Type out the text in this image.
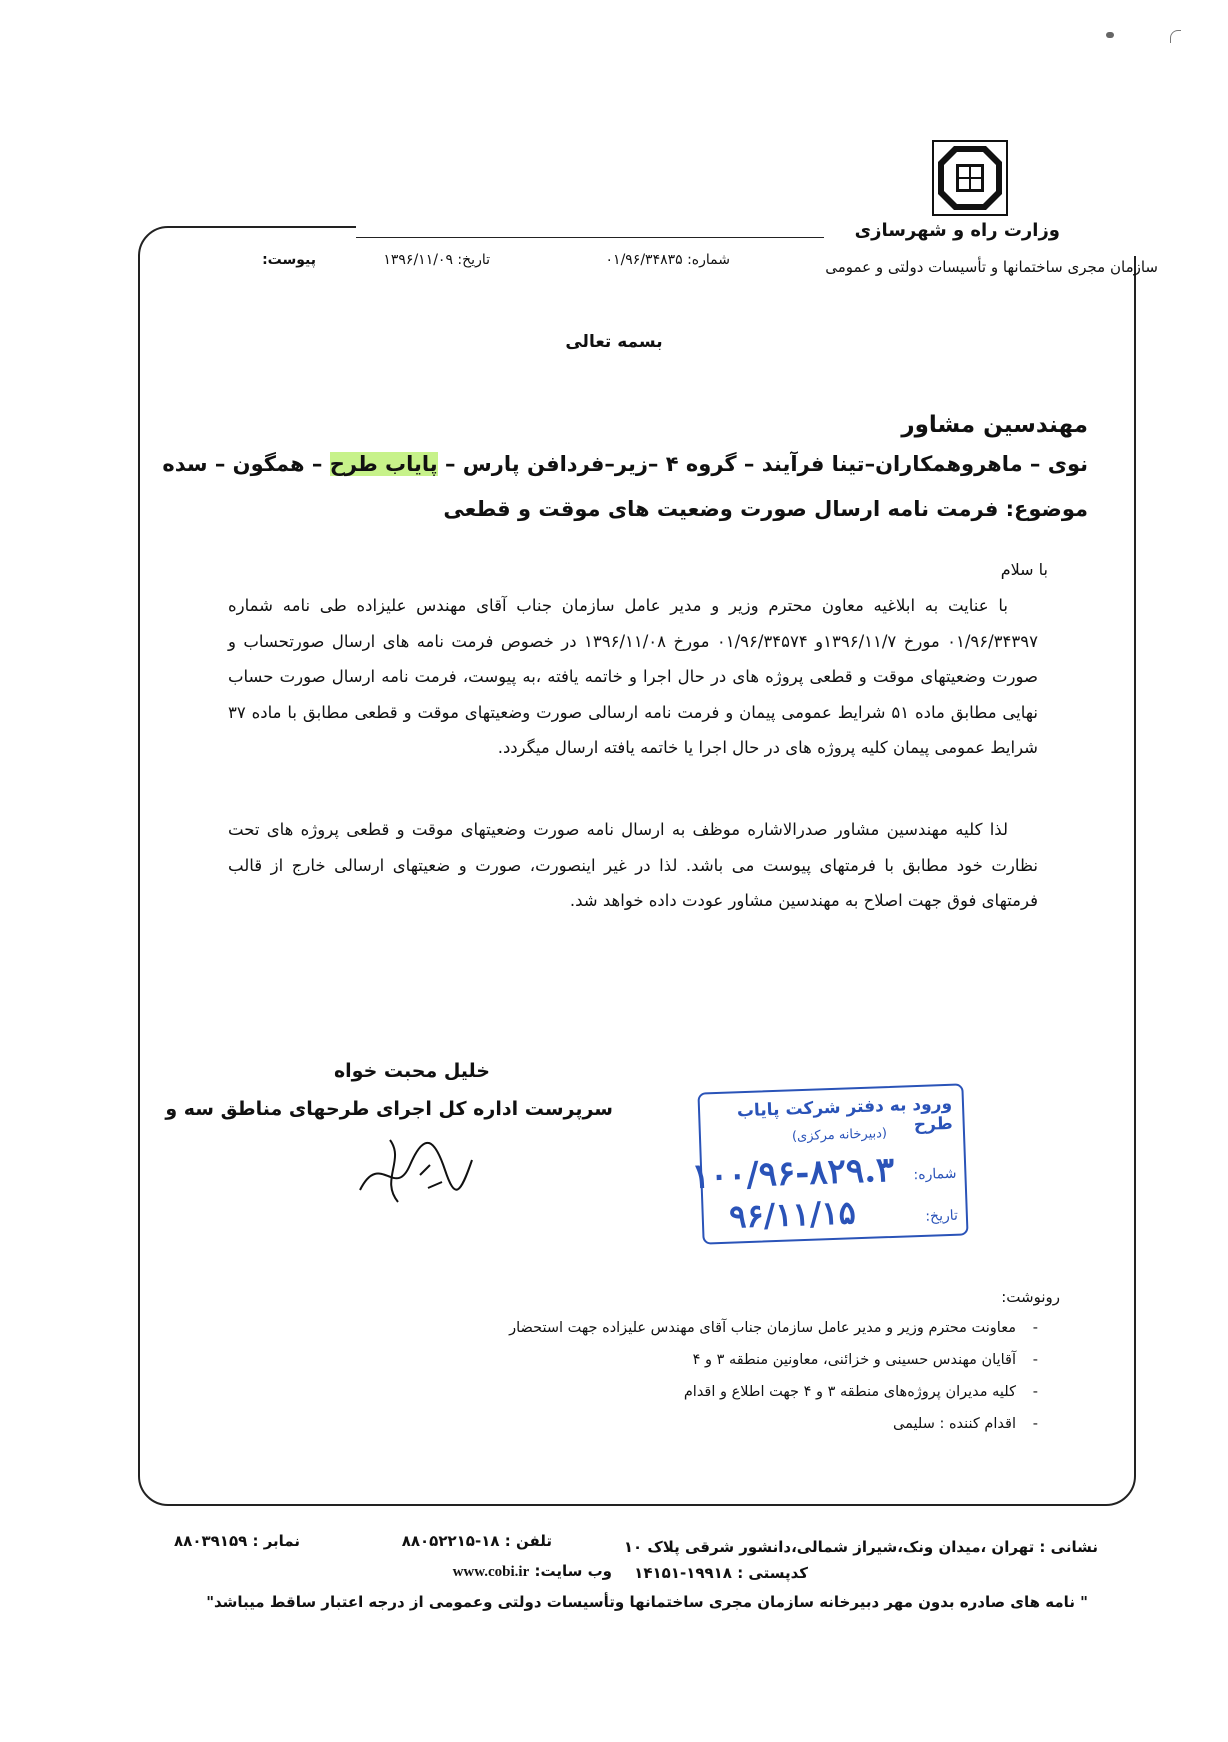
وزارت راه و شهرسازی
سازمان مجری ساختمانها و تأسیسات دولتی و عمومی
شماره: ۰۱/۹۶/۳۴۸۳۵
تاریخ: ۱۳۹۶/۱۱/۰۹
پیوست:
بسمه تعالی
مهندسین مشاور
نوی – ماهروهمکاران–تینا فرآیند – گروه ۴ –زیر–فردافن پارس – پایاب طرح – همگون – سده
موضوع: فرمت نامه ارسال صورت وضعیت های موقت و قطعی
با سلام
با عنایت به ابلاغیه معاون محترم وزیر و مدیر عامل سازمان جناب آقای مهندس علیزاده طی نامه شماره ۰۱/۹۶/۳۴۳۹۷ مورخ ۱۳۹۶/۱۱/۷و ۰۱/۹۶/۳۴۵۷۴ مورخ ۱۳۹۶/۱۱/۰۸ در خصوص فرمت نامه های ارسال صورتحساب و صورت وضعیتهای موقت و قطعی پروژه های در حال اجرا و خاتمه یافته ،به پیوست، فرمت نامه ارسال صورت حساب نهایی مطابق ماده ۵۱ شرایط عمومی پیمان و فرمت نامه ارسالی صورت وضعیتهای موقت و قطعی مطابق با ماده ۳۷ شرایط عمومی پیمان کلیه پروژه های در حال اجرا یا خاتمه یافته ارسال میگردد.
لذا کلیه مهندسین مشاور صدرالاشاره موظف به ارسال نامه صورت وضعیتهای موقت و قطعی پروژه های تحت نظارت خود مطابق با فرمتهای پیوست می باشد. لذا در غیر اینصورت، صورت و ضعیتهای ارسالی خارج از قالب فرمتهای فوق جهت اصلاح به مهندسین مشاور عودت داده خواهد شد.
خلیل محبت خواه
سرپرست اداره کل اجرای طرحهای مناطق سه و	ورود به دفتر شرکت پایاب طرح
(دبیرخانه مرکزی)
شماره:
۱۰۰/۹۶-۸۲۹.۳
تاریخ:
۹۶/۱۱/۱۵
رونوشت:
- معاونت محترم وزیر و مدیر عامل سازمان جناب آقای مهندس علیزاده جهت استحضار
- آقایان مهندس حسینی و خزائنی، معاونین منطقه ۳ و ۴
- کلیه مدیران پروژه‌های منطقه ۳ و ۴ جهت اطلاع و اقدام
- اقدام کننده : سلیمی
نشانی : تهران ،میدان ونک،شیراز شمالی،دانشور شرقی پلاک ۱۰
تلفن : ۱۸-۸۸۰۵۲۲۱۵
نمابر : ۸۸۰۳۹۱۵۹
کدپستی : ۱۹۹۱۸-۱۴۱۵۱
وب سایت: www.cobi.ir
" نامه های صادره بدون مهر دبیرخانه سازمان مجری ساختمانها وتأسیسات دولتی وعمومی از درجه اعتبار ساقط میباشد"
